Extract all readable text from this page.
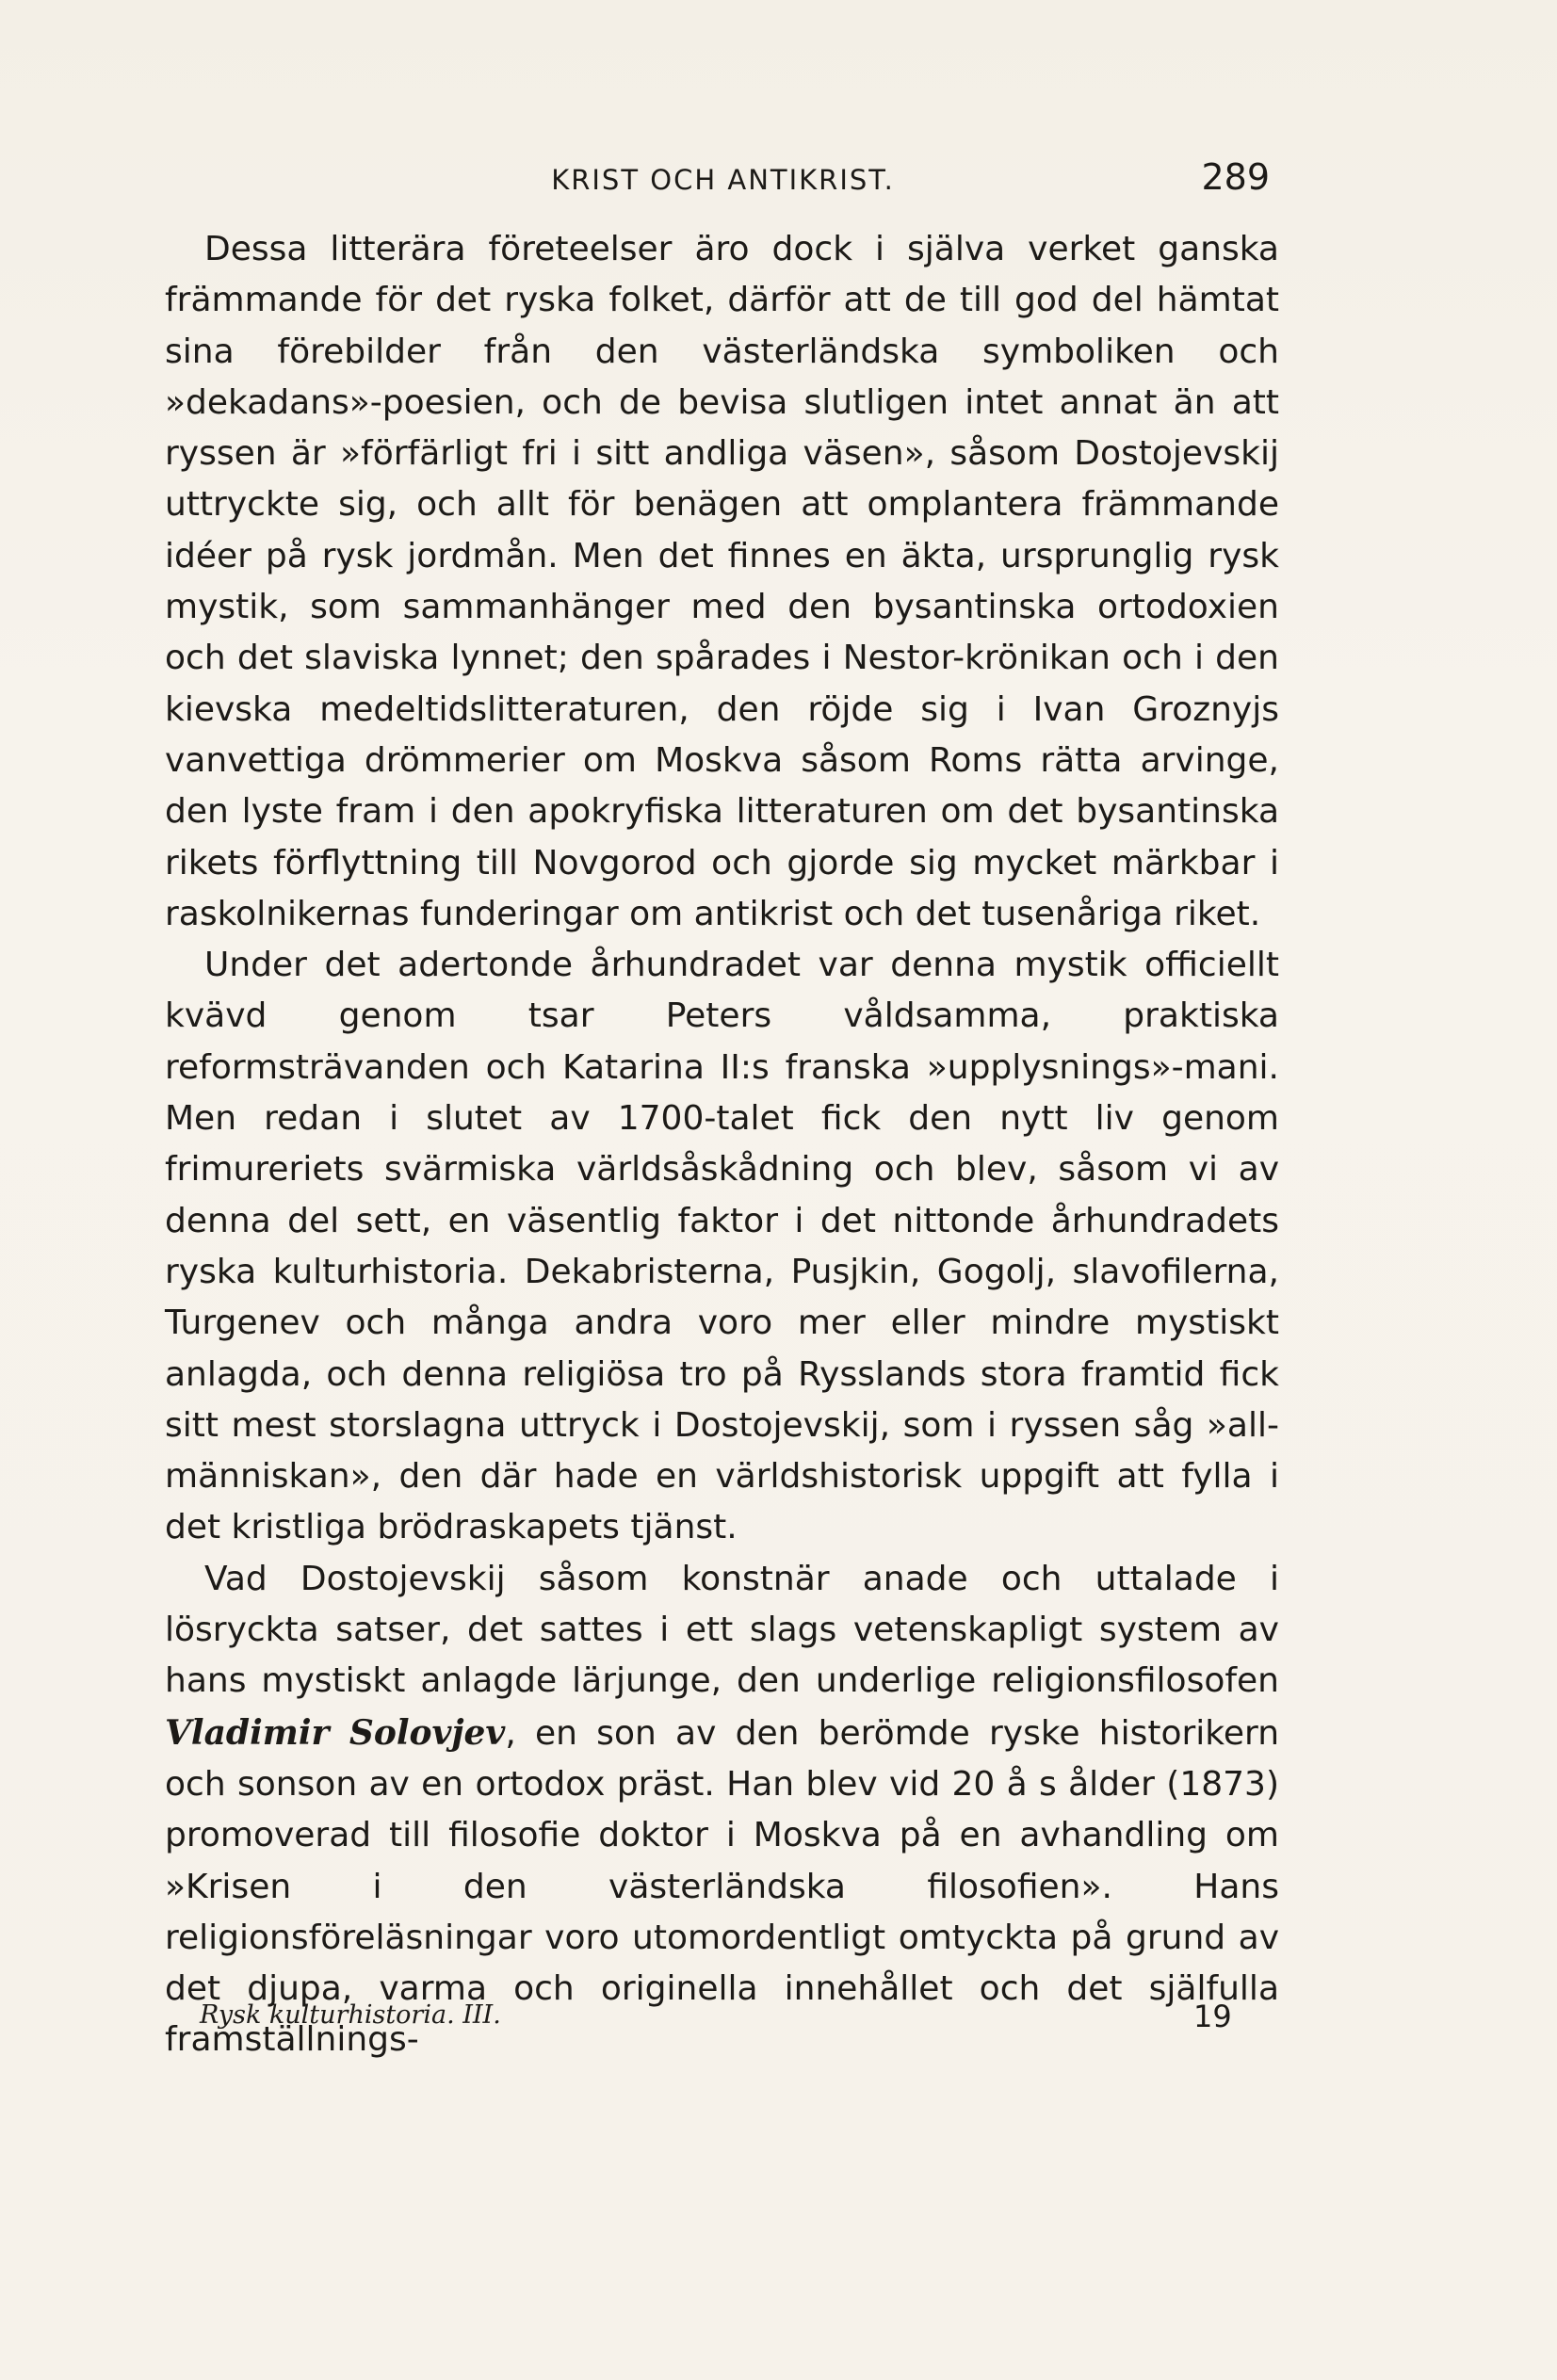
KRIST OCH ANTIKRIST.	289

Dessa litterära företeelser äro dock i själva verket ganska främmande för det ryska folket, därför att de till god del hämtat sina förebilder från den västerländska symboliken och »dekadans»-poesien, och de bevisa slutligen intet annat än att ryssen är »förfärligt fri i sitt andliga väsen», såsom Dostojevskij uttryckte sig, och allt för benägen att omplantera främmande idéer på rysk jordmån. Men det finnes en äkta, ursprunglig rysk mystik, som sammanhänger med den bysantinska ortodoxien och det slaviska lynnet; den spårades i Nestor-krönikan och i den kievska medeltidslitteraturen, den röjde sig i Ivan Groznyjs vanvettiga drömmerier om Moskva såsom Roms rätta arvinge, den lyste fram i den apokryfiska litteraturen om det bysantinska rikets förflyttning till Novgorod och gjorde sig mycket märkbar i raskolnikernas funderingar om antikrist och det tusenåriga riket.

Under det adertonde århundradet var denna mystik officiellt kvävd genom tsar Peters våldsamma, praktiska reformsträvanden och Katarina II:s franska »upplysnings»-mani. Men redan i slutet av 1700-talet fick den nytt liv genom frimureriets svärmiska världsåskådning och blev, såsom vi av denna del sett, en väsentlig faktor i det nittonde århundradets ryska kulturhistoria. Dekabristerna, Pusjkin, Gogolj, slavofilerna, Turgenev och många andra voro mer eller mindre mystiskt anlagda, och denna religiösa tro på Rysslands stora framtid fick sitt mest storslagna uttryck i Dostojevskij, som i ryssen såg »all-människan», den där hade en världshistorisk uppgift att fylla i det kristliga brödraskapets tjänst.

Vad Dostojevskij såsom konstnär anade och uttalade i lösryckta satser, det sattes i ett slags vetenskapligt system av hans mystiskt anlagde lärjunge, den underlige religionsfilosofen Vladimir Solovjev, en son av den berömde ryske historikern och sonson av en ortodox präst. Han blev vid 20 å s ålder (1873) promoverad till filosofie doktor i Moskva på en avhandling om »Krisen i den västerländska filosofien». Hans religionsföreläsningar voro utomordentligt omtyckta på grund av det djupa, varma och originella innehållet och det själfulla framställnings-

Rysk kulturhistoria. III.	19
